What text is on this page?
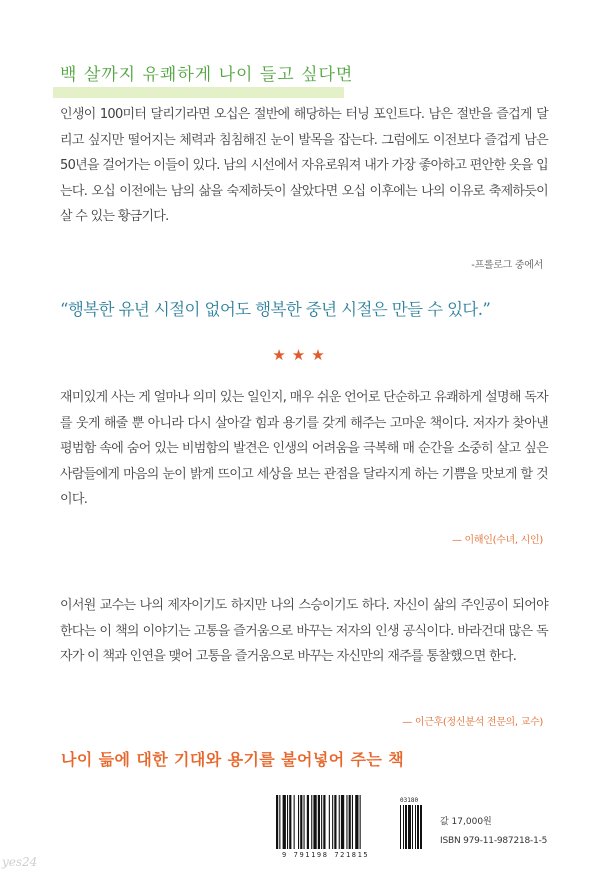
백 살까지 유쾌하게 나이 들고 싶다면

인생이 100미터 달리기라면 오십은 절반에 해당하는 터닝 포인트다. 남은 절반을 즐겁게 달리고 싶지만 떨어지는 체력과 침침해진 눈이 발목을 잡는다. 그럼에도 이전보다 즐겁게 남은 50년을 걸어가는 이들이 있다. 남의 시선에서 자유로워져 내가 가장 좋아하고 편안한 옷을 입는다. 오십 이전에는 남의 삶을 숙제하듯이 살았다면 오십 이후에는 나의 이유로 축제하듯이 살 수 있는 황금기다.

-프롤로그 중에서

“행복한 유년 시절이 없어도 행복한 중년 시절은 만들 수 있다.”

★★★

재미있게 사는 게 얼마나 의미 있는 일인지, 매우 쉬운 언어로 단순하고 유쾌하게 설명해 독자를 웃게 해줄 뿐 아니라 다시 살아갈 힘과 용기를 갖게 해주는 고마운 책이다. 저자가 찾아낸 평범함 속에 숨어 있는 비범함의 발견은 인생의 어려움을 극복해 매 순간을 소중히 살고 싶은 사람들에게 마음의 눈이 밝게 뜨이고 세상을 보는 관점을 달라지게 하는 기쁨을 맛보게 할 것이다.

— 이해인(수녀, 시인)

이서원 교수는 나의 제자이기도 하지만 나의 스승이기도 하다. 자신이 삶의 주인공이 되어야 한다는 이 책의 이야기는 고통을 즐거움으로 바꾸는 저자의 인생 공식이다. 바라건대 많은 독자가 이 책과 인연을 맺어 고통을 즐거움으로 바꾸는 자신만의 재주를 통찰했으면 한다.

— 이근후(정신분석 전문의, 교수)

나이 듦에 대한 기대와 용기를 불어넣어 주는 책

9 791198 721815
03180

값 17,000원

ISBN 979-11-987218-1-5

yes24
